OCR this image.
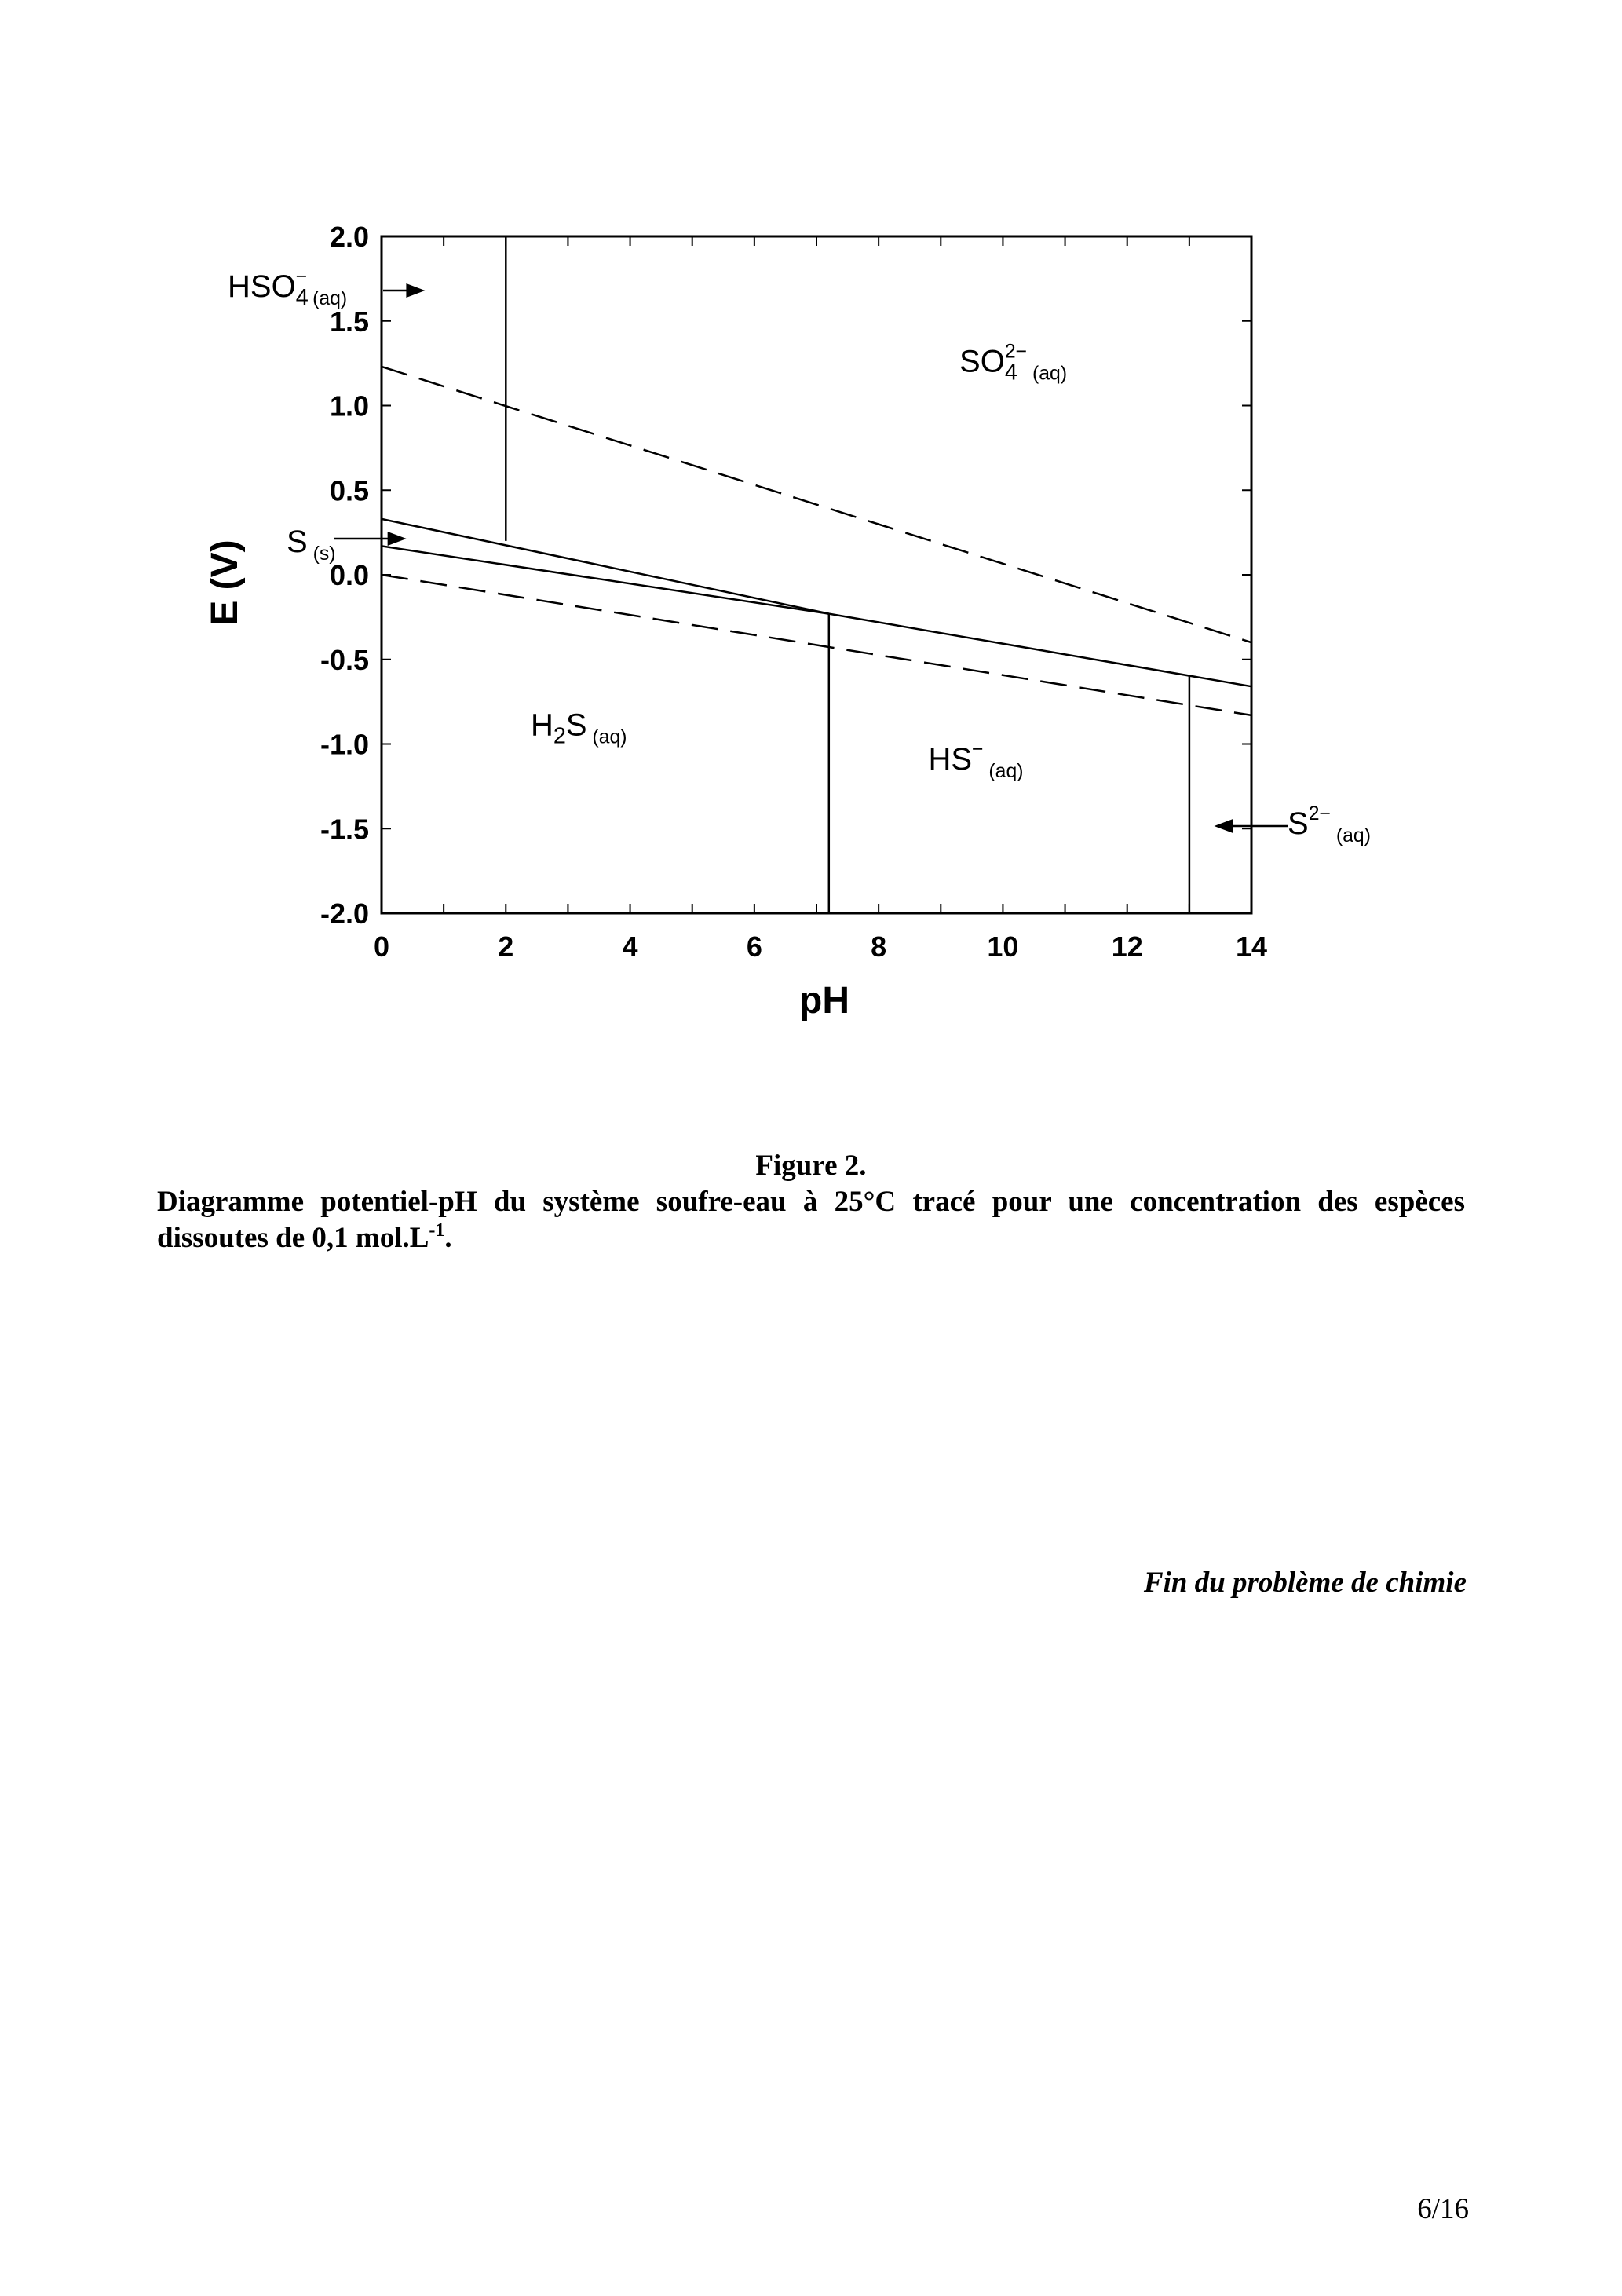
0	2	4	6	8	10	12	14
2.0
1.5
1.0
0.5
0.0
-0.5
-1.0
-1.5
-2.0
pH
E (V)
$SO_42- _{(aq)}$
$H_2S$ $_{(aq)}$
HS− $_{(aq)}$
$HSO_4- _{(aq)}$
S $_{(s)}$
$S^{2-}$ $_{(aq)}$
Figure 2.
Diagramme potentiel-pH du système soufre-eau à 25°C tracé pour une concentration des espèces dissoutes de 0,1 $mol.L^{-1}$.
Fin du problème de chimie
6/16
